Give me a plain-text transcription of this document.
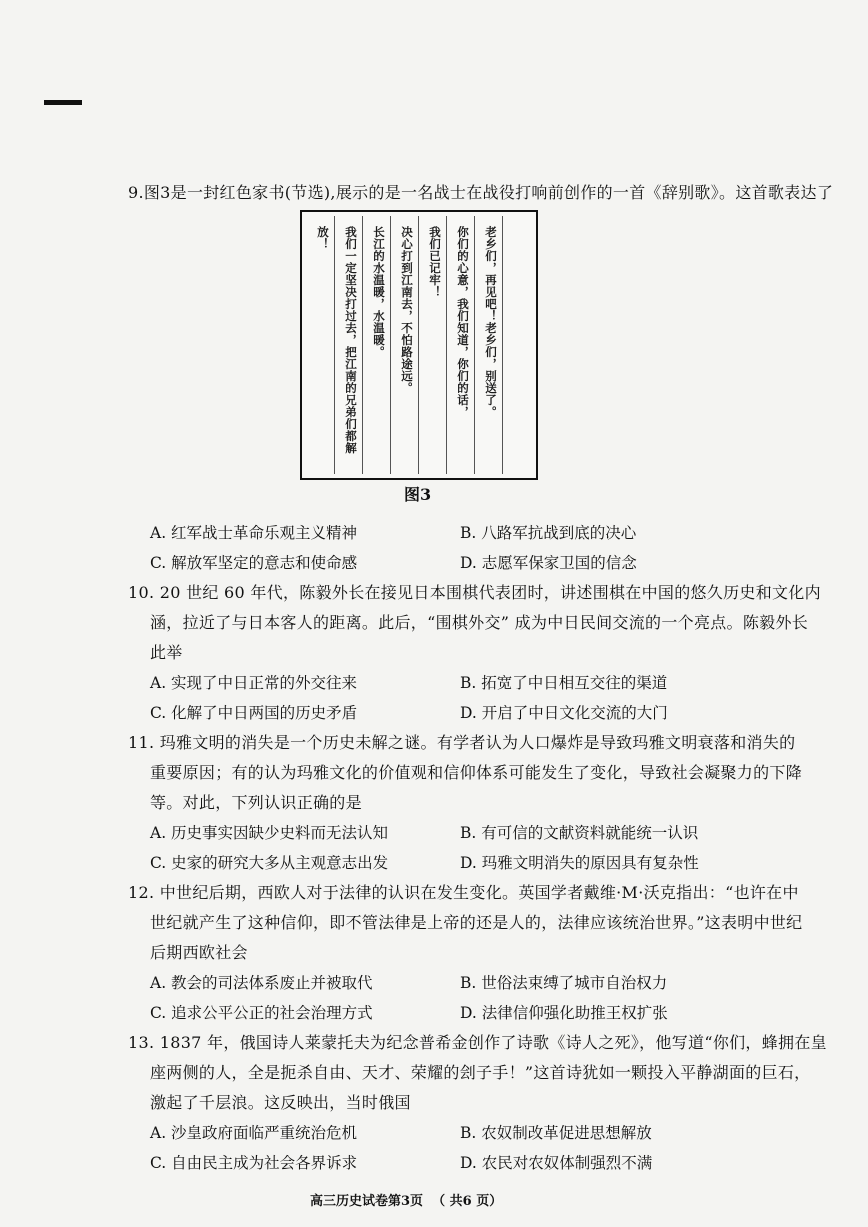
9.图3是一封红色家书(节选),展示的是一名战士在战役打响前创作的一首《辞别歌》。这首歌表达了
老乡们，再见吧！老乡们，别送了。
你们的心意，我们知道，你们的话，
我们已记牢！
决心打到江南去，不怕路途远。
长江的水温暖，水温暖。
我们一定坚决打过去，把江南的兄弟们都解
放！
图3
A. 红军战士革命乐观主义精神	B. 八路军抗战到底的决心
C. 解放军坚定的意志和使命感	D. 志愿军保家卫国的信念
10. 20 世纪 60 年代，陈毅外长在接见日本围棋代表团时，讲述围棋在中国的悠久历史和文化内
涵，拉近了与日本客人的距离。此后，“围棋外交” 成为中日民间交流的一个亮点。陈毅外长
此举
A. 实现了中日正常的外交往来	B. 拓宽了中日相互交往的渠道
C. 化解了中日两国的历史矛盾	D. 开启了中日文化交流的大门
11. 玛雅文明的消失是一个历史未解之谜。有学者认为人口爆炸是导致玛雅文明衰落和消失的
重要原因；有的认为玛雅文化的价值观和信仰体系可能发生了变化，导致社会凝聚力的下降
等。对此，下列认识正确的是
A. 历史事实因缺少史料而无法认知	B. 有可信的文献资料就能统一认识
C. 史家的研究大多从主观意志出发	D. 玛雅文明消失的原因具有复杂性
12. 中世纪后期，西欧人对于法律的认识在发生变化。英国学者戴维·M·沃克指出：“也许在中
世纪就产生了这种信仰，即不管法律是上帝的还是人的，法律应该统治世界。”这表明中世纪
后期西欧社会
A. 教会的司法体系废止并被取代	B. 世俗法束缚了城市自治权力
C. 追求公平公正的社会治理方式	D. 法律信仰强化助推王权扩张
13. 1837 年，俄国诗人莱蒙托夫为纪念普希金创作了诗歌《诗人之死》，他写道“你们，蜂拥在皇
座两侧的人，全是扼杀自由、天才、荣耀的刽子手！”这首诗犹如一颗投入平静湖面的巨石，
激起了千层浪。这反映出，当时俄国
A. 沙皇政府面临严重统治危机	B. 农奴制改革促进思想解放
C. 自由民主成为社会各界诉求	D. 农民对农奴体制强烈不满
高三历史试卷第3页  （ 共6 页）
